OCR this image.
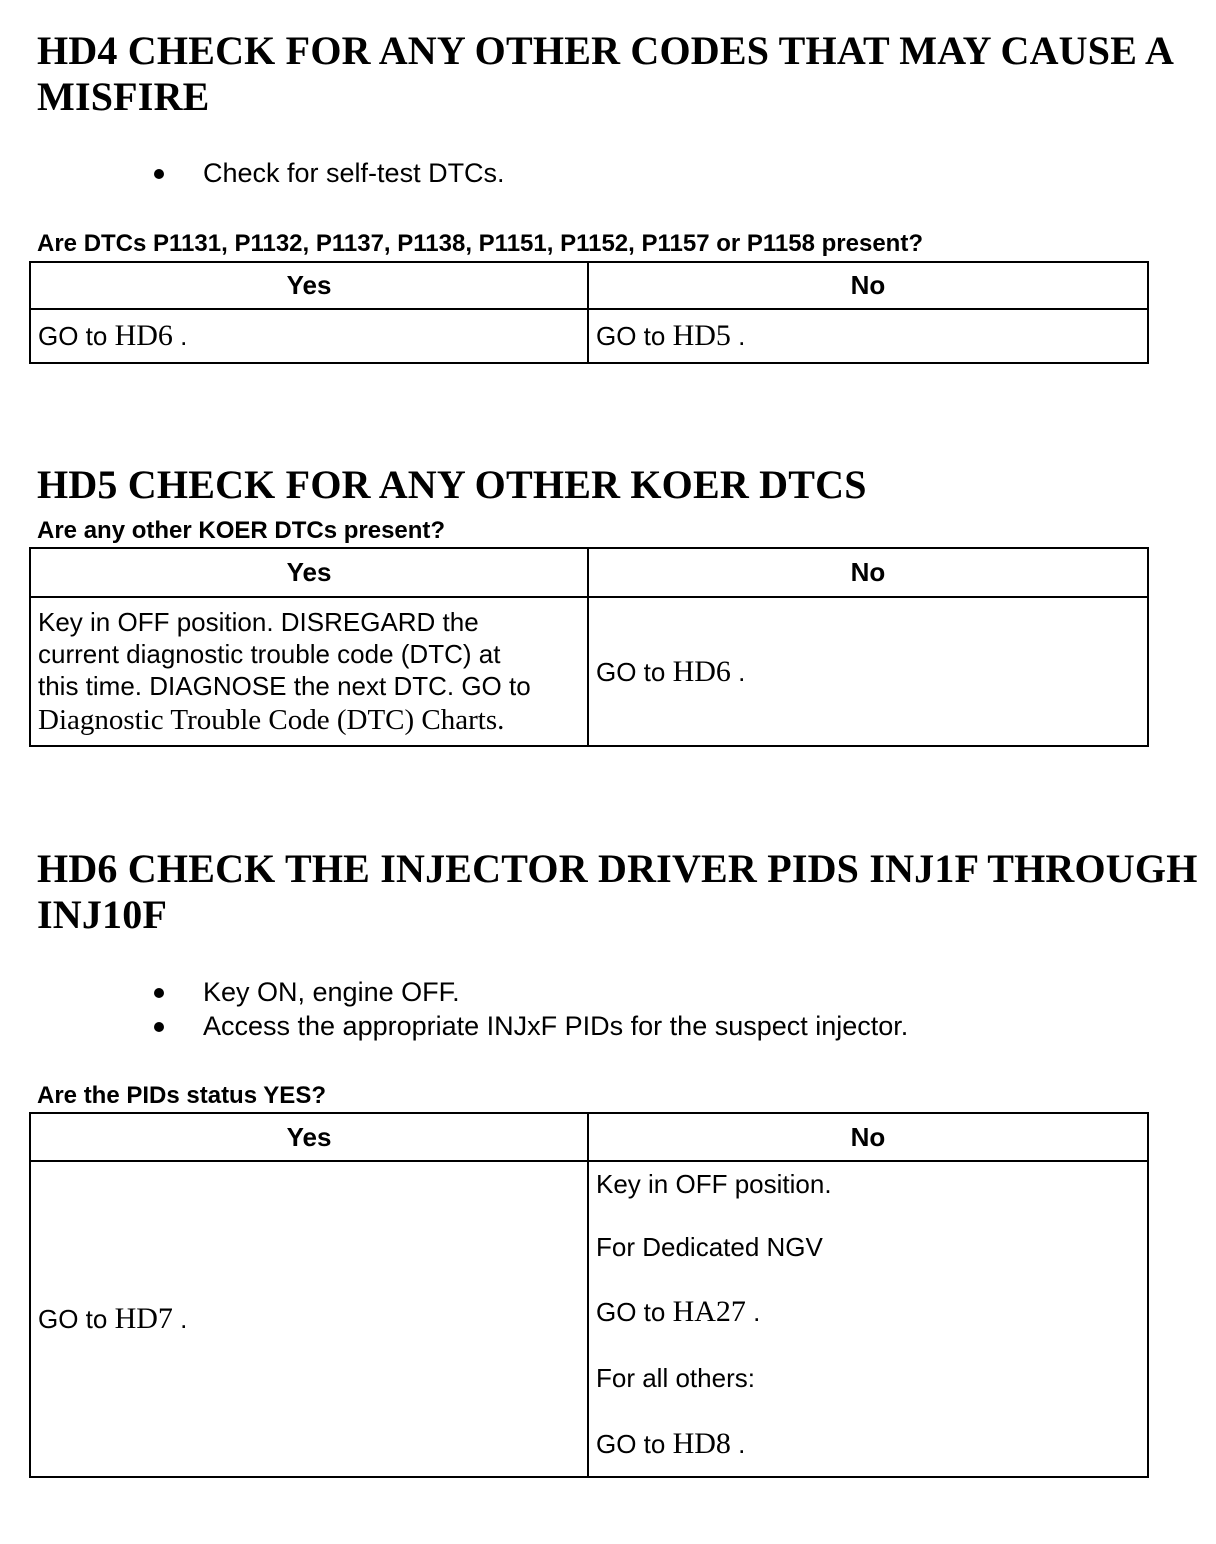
HD4 CHECK FOR ANY OTHER CODES THAT MAY CAUSE A
MISFIRE
Check for self-test DTCs.

Are DTCs P1131, P1132, P1137, P1138, P1151, P1152, P1157 or P1158 present?

Yes	No
GO to HD6 .	GO to HD5 .
HD5 CHECK FOR ANY OTHER KOER DTCS

Are any other KOER DTCs present?

Yes	No

Key in OFF position. DISREGARD the
current diagnostic trouble code (DTC) at
this time. DIAGNOSE the next DTC. GO to
Diagnostic Trouble Code (DTC) Charts.	GO to HD6 .
HD6 CHECK THE INJECTOR DRIVER PIDS INJ1F THROUGH
INJ10F
Key ON, engine OFF.
Access the appropriate INJxF PIDs for the suspect injector.

Are the PIDs status YES?

Yes	No
GO to HD7 .	Key in OFF position.
For Dedicated NGV
GO to HA27 .
For all others:
GO to HD8 .
